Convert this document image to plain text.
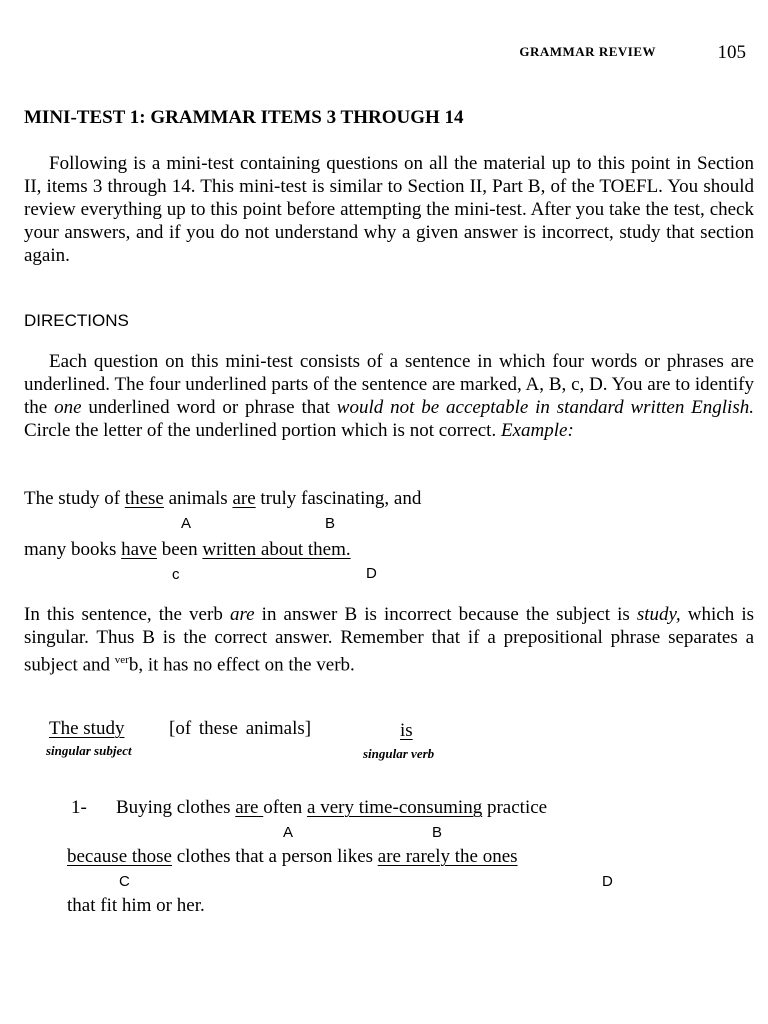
GRAMMAR REVIEW	105
MINI-TEST 1: GRAMMAR ITEMS 3 THROUGH 14
Following is a mini-test containing questions on all the material up to this point in Section II, items 3 through 14. This mini-test is similar to Section II, Part B, of the TOEFL. You should review everything up to this point before attempting the mini-test. After you take the test, check your answers, and if you do not understand why a given answer is incorrect, study that section again.
DIRECTIONS
Each question on this mini-test consists of a sentence in which four words or phrases are underlined. The four underlined parts of the sentence are marked, A, B, c, D. You are to identify the one underlined word or phrase that would not be acceptable in standard written English. Circle the letter of the underlined portion which is not correct. Example:
The study of these animals are truly fascinating, and
A	B
many books have been written about them.
c	D
In this sentence, the verb are in answer B is incorrect because the subject is study, which is singular. Thus B is the correct answer. Remember that if a prepositional phrase separates a subject and $^{ver}$b, it has no effect on the verb.
The study [of these animals]	is
singular subject	singular verb
1- Buying clothes are often a very time-consuming practice
A	B
because those clothes that a person likes are rarely the ones
C	D
that fit him or her.
